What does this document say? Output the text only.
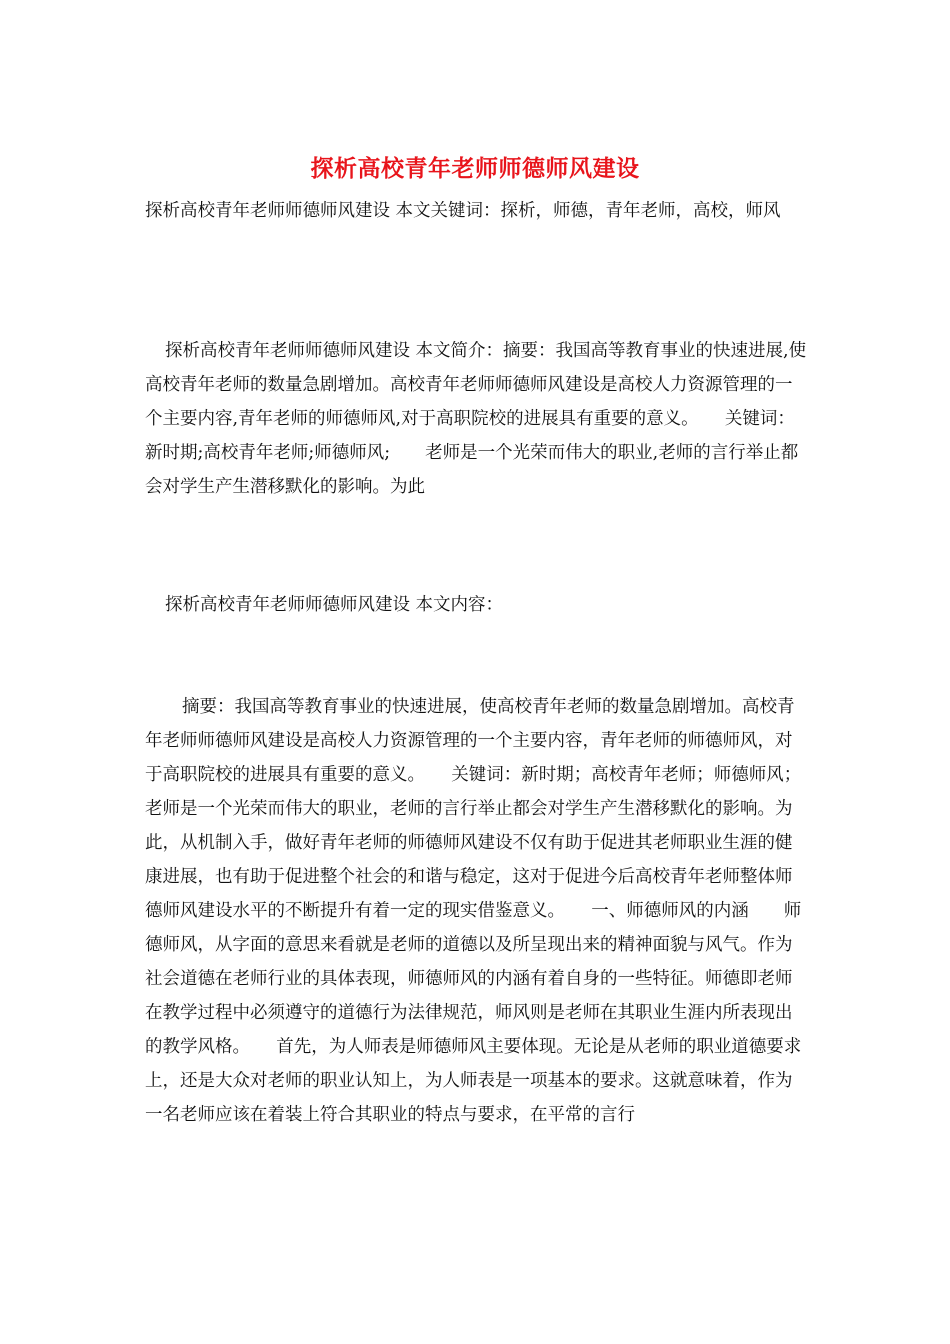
探析高校青年老师师德师风建设
探析高校青年老师师德师风建设 本文关键词：探析，师德，青年老师，高校，师风
探析高校青年老师师德师风建设 本文简介：摘要：我国高等教育事业的快速进展,使高校青年老师的数量急剧增加。高校青年老师师德师风建设是高校人力资源管理的一个主要内容,青年老师的师德师风,对于高职院校的进展具有重要的意义。　　关键词：新时期;高校青年老师;师德师风;　　老师是一个光荣而伟大的职业,老师的言行举止都会对学生产生潜移默化的影响。为此
探析高校青年老师师德师风建设 本文内容：
摘要：我国高等教育事业的快速进展，使高校青年老师的数量急剧增加。高校青年老师师德师风建设是高校人力资源管理的一个主要内容，青年老师的师德师风，对于高职院校的进展具有重要的意义。　　关键词：新时期；高校青年老师；师德师风；　　老师是一个光荣而伟大的职业，老师的言行举止都会对学生产生潜移默化的影响。为此，从机制入手，做好青年老师的师德师风建设不仅有助于促进其老师职业生涯的健康进展，也有助于促进整个社会的和谐与稳定，这对于促进今后高校青年老师整体师德师风建设水平的不断提升有着一定的现实借鉴意义。　　一、师德师风的内涵　　师德师风，从字面的意思来看就是老师的道德以及所呈现出来的精神面貌与风气。作为社会道德在老师行业的具体表现，师德师风的内涵有着自身的一些特征。师德即老师在教学过程中必须遵守的道德行为法律规范，师风则是老师在其职业生涯内所表现出的教学风格。　　首先，为人师表是师德师风主要体现。无论是从老师的职业道德要求上，还是大众对老师的职业认知上，为人师表是一项基本的要求。这就意味着，作为一名老师应该在着装上符合其职业的特点与要求，在平常的言行
